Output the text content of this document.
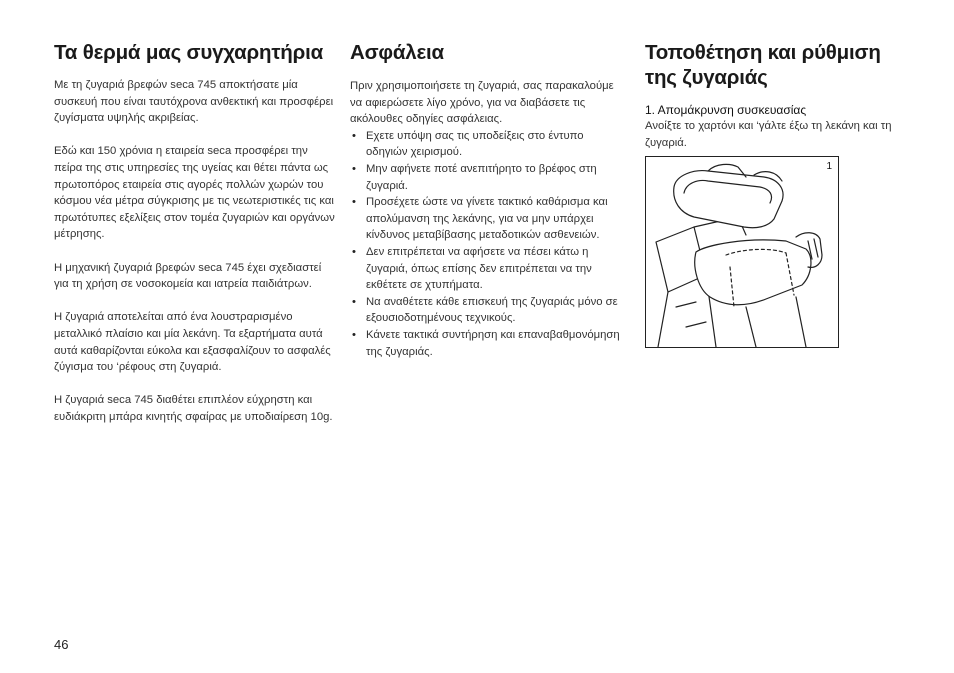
Τα θερμά μας συγχαρητήρια

Με τη ζυγαριά βρεφών seca 745 αποκτήσατε μία συσκευή που είναι ταυτόχρονα ανθεκτική και προσφέρει ζυγίσματα υψηλής ακριβείας.

Εδώ και 150 χρόνια η εταιρεία seca προσφέρει την πείρα της στις υπηρεσίες της υγείας και θέτει πάντα ως πρωτοπόρος εταιρεία στις αγορές πολλών χωρών του κόσμου νέα μέτρα σύγκρισης με τις νεωτεριστικές τις και πρωτότυπες εξελίξεις στον τομέα ζυγαριών και οργάνων μέτρησης.

Η μηχανική ζυγαριά βρεφών seca 745 έχει σχεδιαστεί για τη χρήση σε νοσοκομεία και ιατρεία παιδιάτρων.

Η ζυγαριά αποτελείται από ένα λουστραρισμένο μεταλλικό πλαίσιο και μία λεκάνη. Τα εξαρτήματα αυτά αυτά καθαρίζονται εύκολα και εξασφαλίζουν το ασφαλές ζύγισμα του ‘ρέφους στη ζυγαριά.

Η ζυγαριά seca 745 διαθέτει επιπλέον εύχρηστη και ευδιάκριτη μπάρα κινητής σφαίρας με υποδιαίρεση 10g.

Ασφάλεια
Πριν χρησιμοποιήσετε τη ζυγαριά, σας παρακαλούμε να αφιερώσετε λίγο χρόνο, για να διαβάσετε τις ακόλουθες οδηγίες ασφάλειας.
• Εχετε υπόψη σας τις υποδείξεις στο έντυπο οδηγιών χειρισμού.
• Μην αφήνετε ποτέ ανεπιτήρητο το βρέφος στη ζυγαριά.
• Προσέχετε ώστε να γίνετε τακτικό καθάρισμα και απολύμανση της λεκάνης, για να μην υπάρχει κίνδυνος μεταβίβασης μεταδοτικών ασθενειών.
• Δεν επιτρέπεται να αφήσετε να πέσει κάτω η ζυγαριά, όπως επίσης δεν επιτρέπεται να την εκθέτετε σε χτυπήματα.
• Να αναθέτετε κάθε επισκευή της ζυγαριάς μόνο σε εξουσιοδοτημένους τεχνικούς.
• Κάνετε τακτικά συντήρηση και επαναβαθμονόμηση της ζυγαριάς.
Τοποθέτηση και ρύθμιση της ζυγαριάς
1. Απομάκρυνση συσκευασίας
Ανοίξτε το χαρτόνι και ‘γάλτε έξω τη λεκάνη και τη ζυγαριά.
1
46
